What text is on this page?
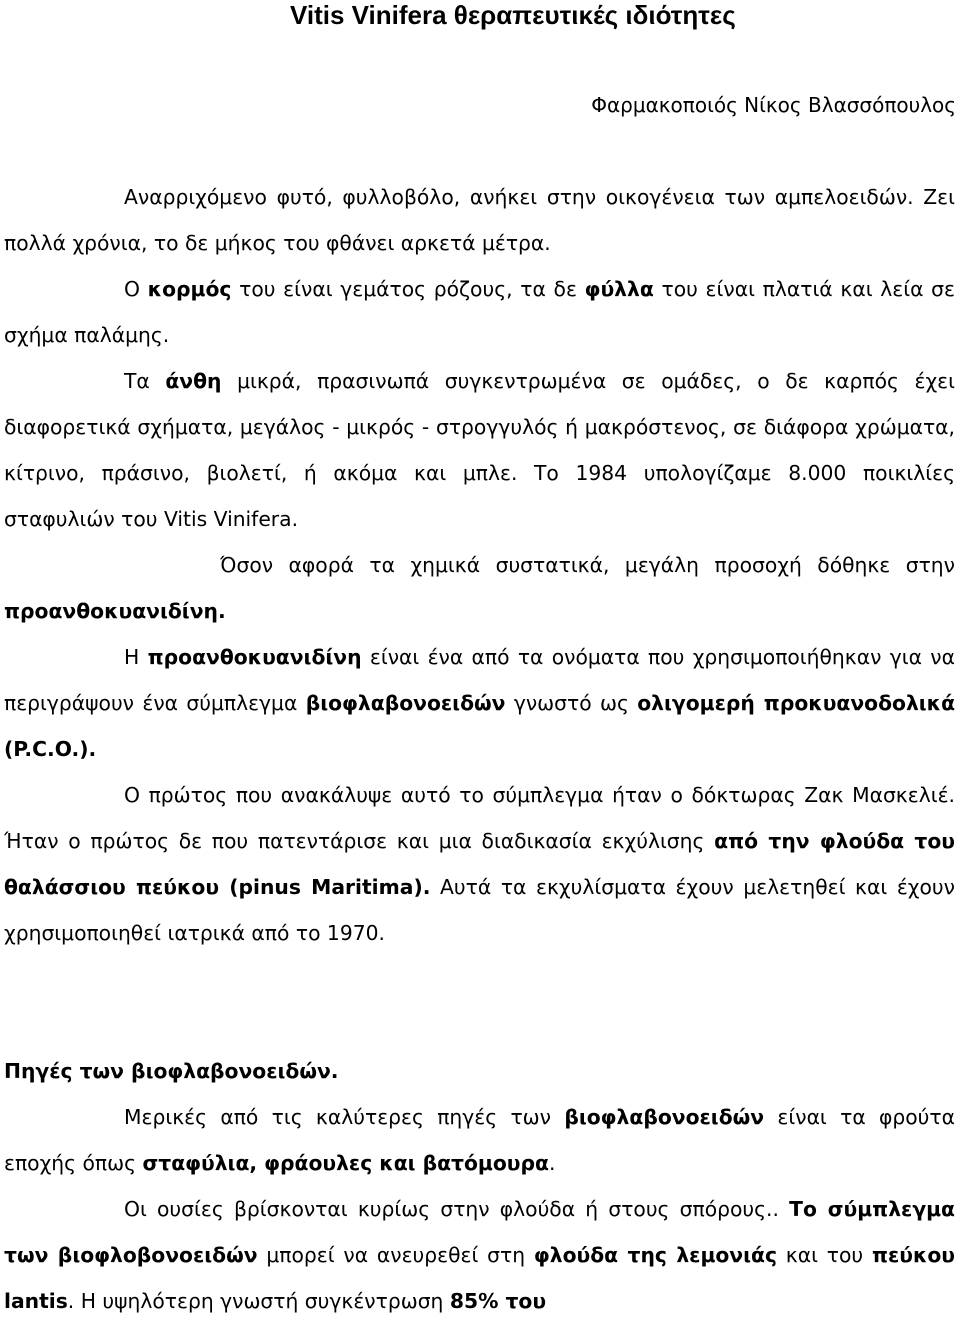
Vitis Vinifera θεραπευτικές ιδιότητες
Φαρμακοποιός Νίκος Βλασσόπουλος

Αναρριχόμενο φυτό, φυλλοβόλο, ανήκει στην οικογένεια των αμπελοειδών. Ζει πολλά χρόνια, το δε μήκος του φθάνει αρκετά μέτρα.

Ο κορμός του είναι γεμάτος ρόζους, τα δε φύλλα του είναι πλατιά και λεία σε σχήμα παλάμης.

Τα άνθη μικρά, πρασινωπά συγκεντρωμένα σε ομάδες, ο δε καρπός έχει διαφορετικά σχήματα, μεγάλος - μικρός - στρογγυλός ή μακρόστενος, σε διάφορα χρώματα, κίτρινο, πράσινο, βιολετί, ή ακόμα και μπλε. Το 1984 υπολογίζαμε 8.000 ποικιλίες σταφυλιών του Vitis Vinifera.

Όσον αφορά τα χημικά συστατικά, μεγάλη προσοχή δόθηκε στην προανθοκυανιδίνη.

Η προανθοκυανιδίνη είναι ένα από τα ονόματα που χρησιμοποιήθηκαν για να περιγράψουν ένα σύμπλεγμα βιοφλαβονοειδών γνωστό ως ολιγομερή προκυανοδολικά (P.C.O.).

Ο πρώτος που ανακάλυψε αυτό το σύμπλεγμα ήταν ο δόκτωρας Ζακ Μασκελιέ. Ήταν ο πρώτος δε που πατεντάρισε και μια διαδικασία εκχύλισης από την φλούδα του θαλάσσιου πεύκου (pinus Maritima). Αυτά τα εκχυλίσματα έχουν μελετηθεί και έχουν χρησιμοποιηθεί ιατρικά από το 1970.

Πηγές των βιοφλαβονοειδών.

Μερικές από τις καλύτερες πηγές των βιοφλαβονοειδών είναι τα φρούτα εποχής όπως σταφύλια, φράουλες και βατόμουρα.

Οι ουσίες βρίσκονται κυρίως στην φλούδα ή στους σπόρους.. Το σύμπλεγμα των βιοφλοβονοειδών μπορεί να ανευρεθεί στη φλούδα της λεμονιάς και του πεύκου lantis. Η υψηλότερη γνωστή συγκέντρωση 85% του
